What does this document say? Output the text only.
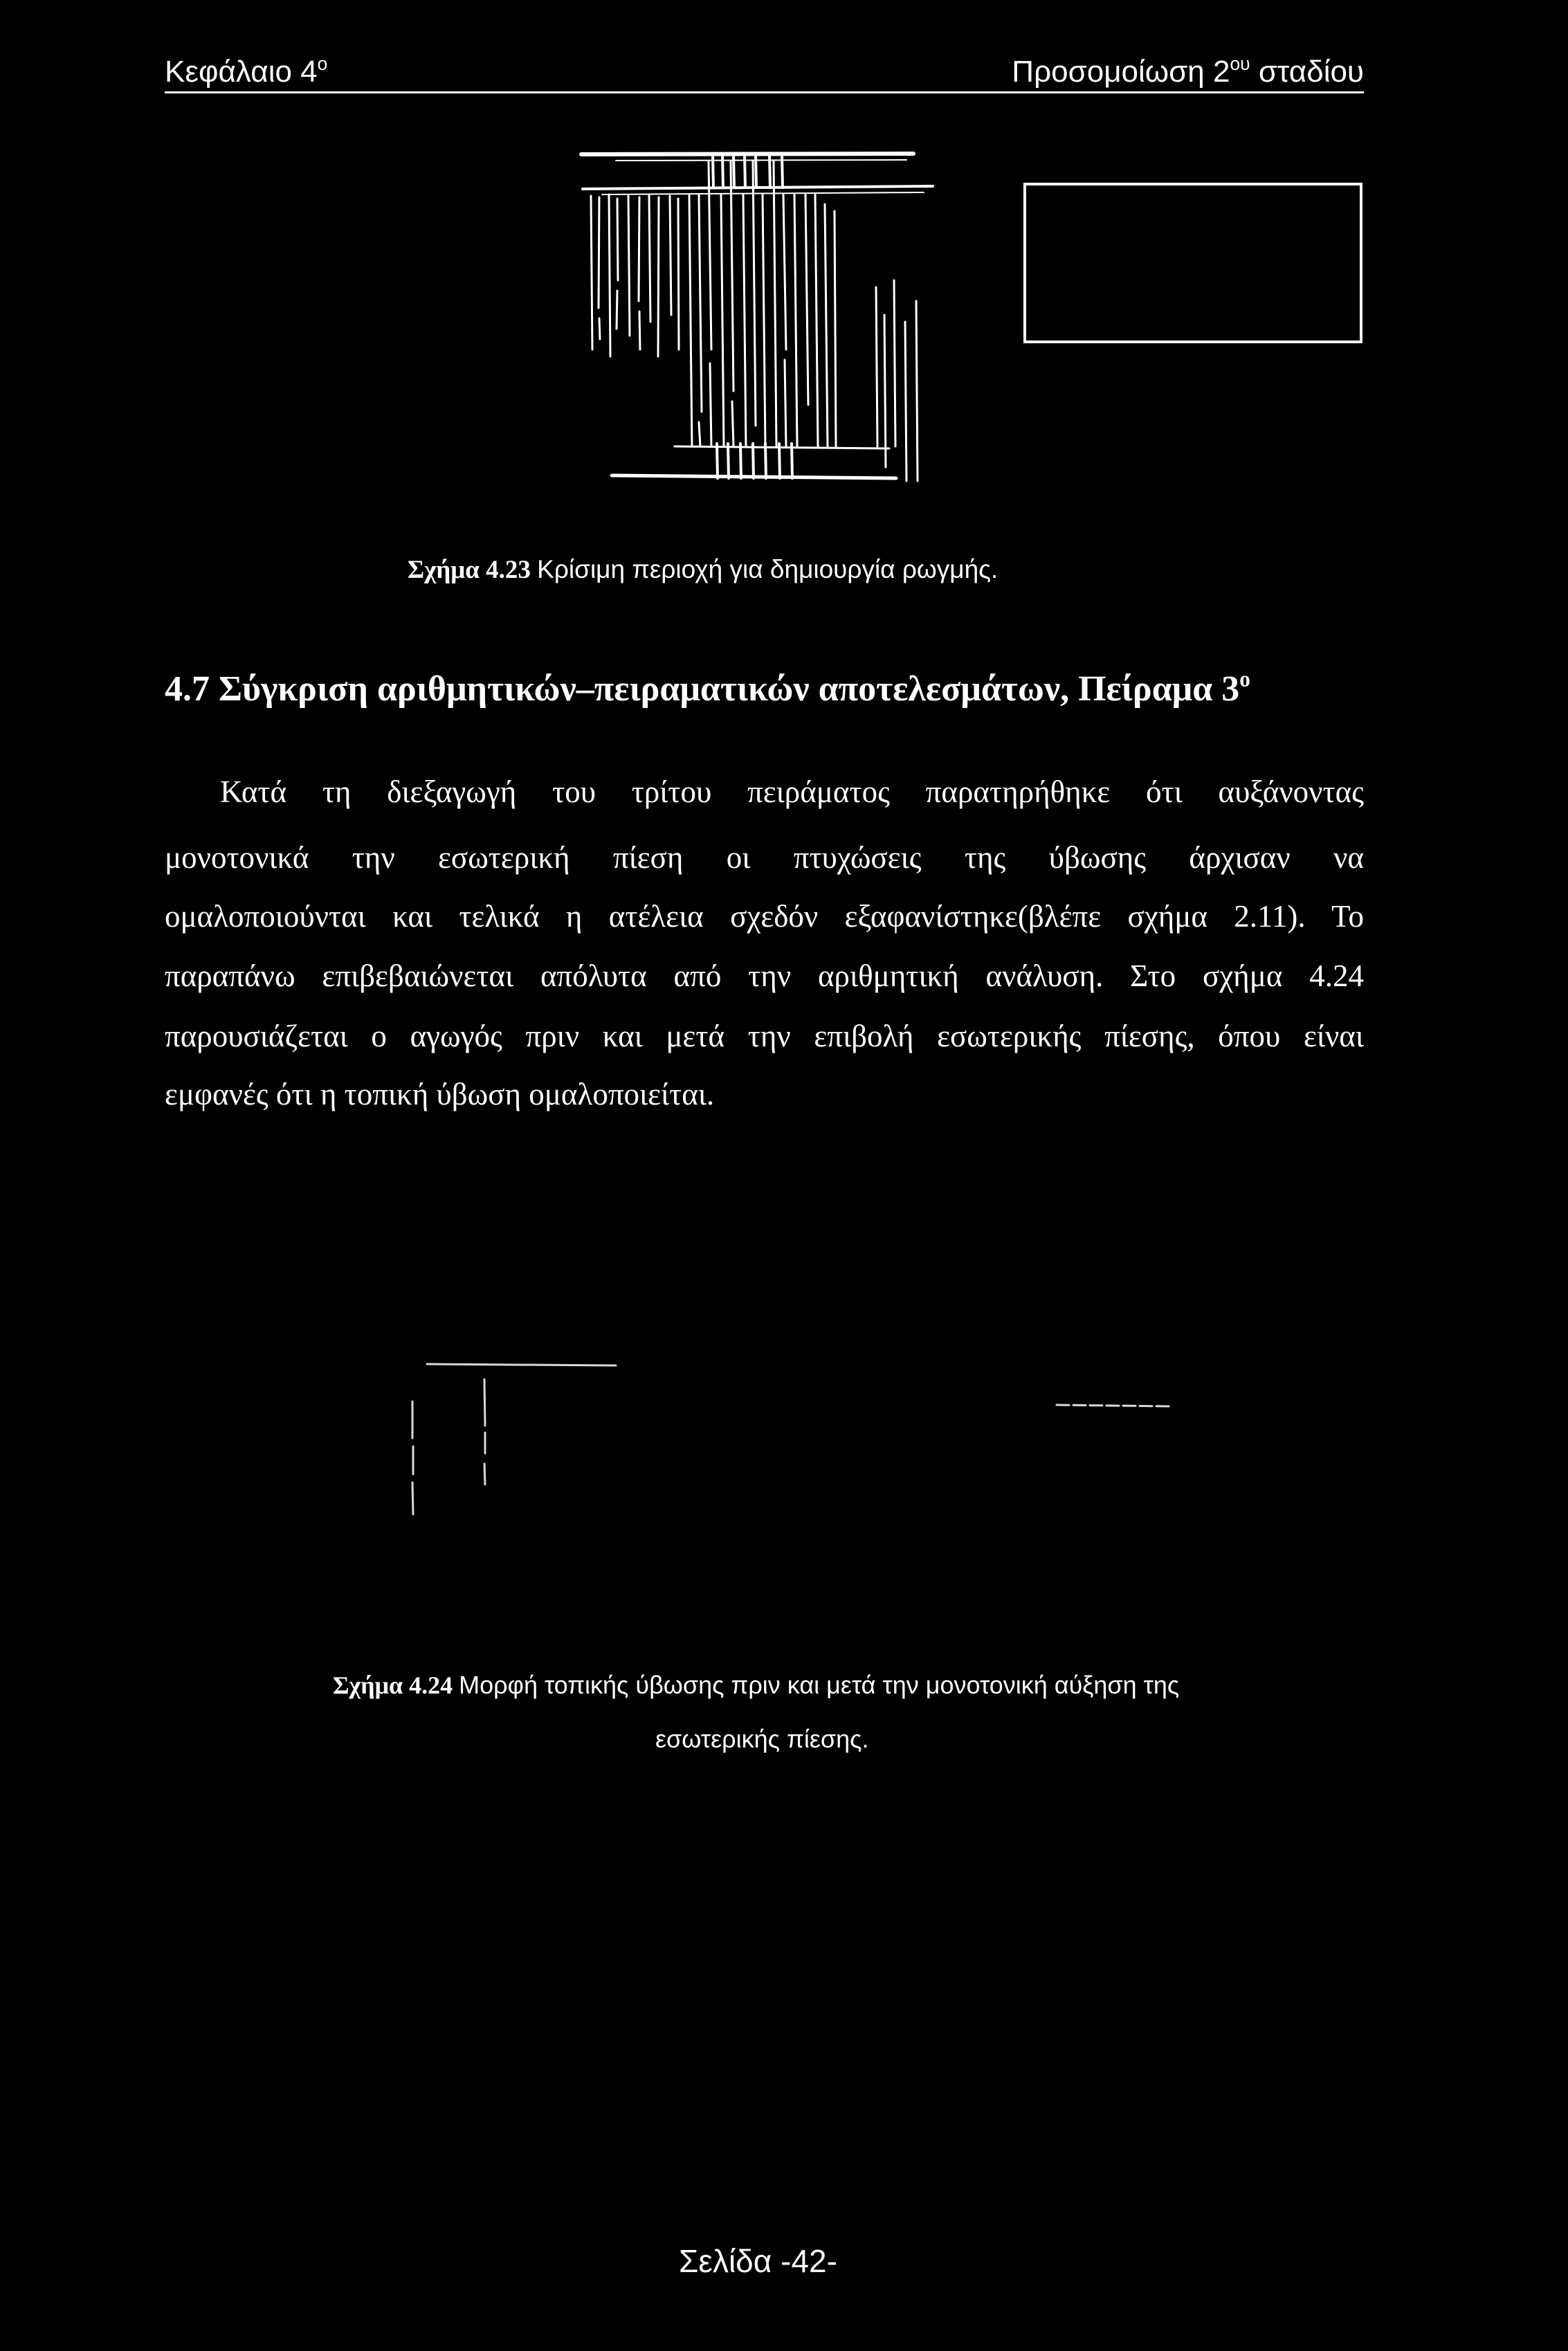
Κεφάλαιο $4^o$	Προσομοίωση $2^{o\upsilon}$ σταδίου
Σχήμα 4.23 Κρίσιμη περιοχή για δημιουργία ρωγμής.
4.7 Σύγκριση αριθμητικών–πειραματικών αποτελεσμάτων, Πείραμα $3^o$
Κατά τη διεξαγωγή του τρίτου πειράματος παρατηρήθηκε ότι αυξάνοντας
μονοτονικά την εσωτερική πίεση οι πτυχώσεις της ύβωσης άρχισαν να
ομαλοποιούνται και τελικά η ατέλεια σχεδόν εξαφανίστηκε(βλέπε σχήμα 2.11). Το
παραπάνω επιβεβαιώνεται απόλυτα από την αριθμητική ανάλυση. Στο σχήμα 4.24
παρουσιάζεται ο αγωγός πριν και μετά την επιβολή εσωτερικής πίεσης, όπου είναι
εμφανές ότι η τοπική ύβωση ομαλοποιείται.
Σχήμα 4.24 Μορφή τοπικής ύβωσης πριν και μετά την μονοτονική αύξηση της
εσωτερικής πίεσης.
Σελίδα -42-
